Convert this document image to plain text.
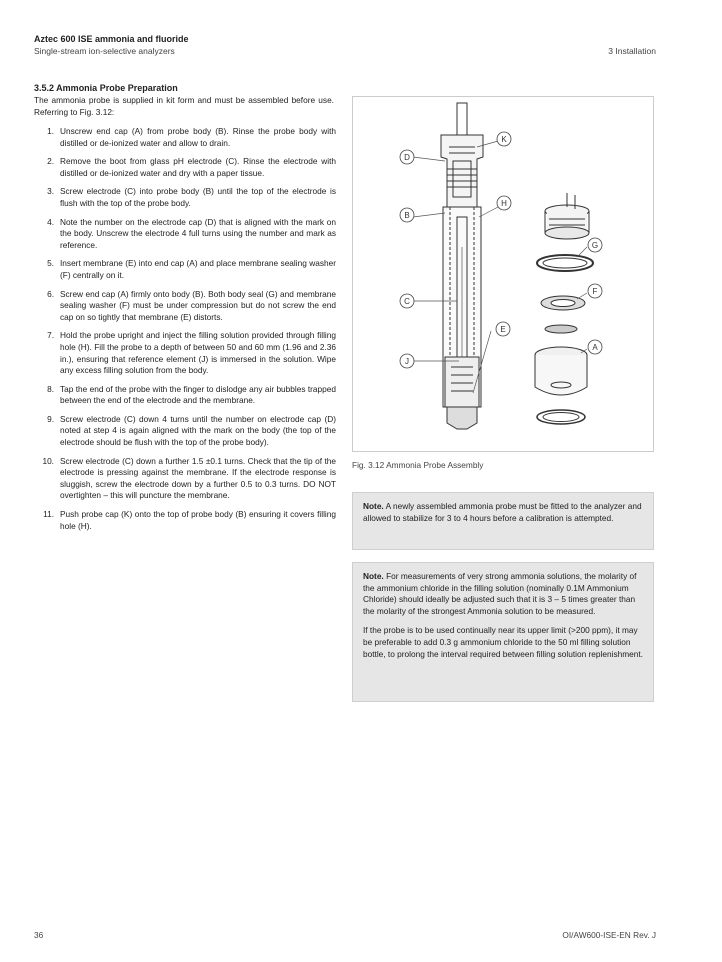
Aztec 600 ISE ammonia and fluoride
Single-stream ion-selective analyzers	3 Installation
3.5.2 Ammonia Probe Preparation
The ammonia probe is supplied in kit form and must be assembled before use. Referring to Fig. 3.12:
1. Unscrew end cap (A) from probe body (B). Rinse the probe body with distilled or de-ionized water and allow to drain.
2. Remove the boot from glass pH electrode (C). Rinse the electrode with distilled or de-ionized water and dry with a paper tissue.
3. Screw electrode (C) into probe body (B) until the top of the electrode is flush with the top of the probe body.
4. Note the number on the electrode cap (D) that is aligned with the mark on the body. Unscrew the electrode 4 full turns using the number and mark as reference.
5. Insert membrane (E) into end cap (A) and place membrane sealing washer (F) centrally on it.
6. Screw end cap (A) firmly onto body (B). Both body seal (G) and membrane sealing washer (F) must be under compression but do not screw the end cap on so tightly that membrane (E) distorts.
7. Hold the probe upright and inject the filling solution provided through filling hole (H). Fill the probe to a depth of between 50 and 60 mm (1.96 and 2.36 in.), ensuring that reference element (J) is immersed in the solution. Wipe any excess filling solution from the body.
8. Tap the end of the probe with the finger to dislodge any air bubbles trapped between the end of the electrode and the membrane.
9. Screw electrode (C) down 4 turns until the number on electrode cap (D) noted at step 4 is again aligned with the mark on the body (the top of the electrode should be flush with the top of the probe body).
10. Screw electrode (C) down a further 1.5 ±0.1 turns. Check that the tip of the electrode is pressing against the membrane. If the electrode response is sluggish, screw the electrode down by a further 0.5 to 0.3 turns. DO NOT overtighten – this will puncture the membrane.
11. Push probe cap (K) onto the top of probe body (B) ensuring it covers filling hole (H).
K
D
H
B
C
G
F
E
J
A
Fig. 3.12 Ammonia Probe Assembly
Note. A newly assembled ammonia probe must be fitted to the analyzer and allowed to stabilize for 3 to 4 hours before a calibration is attempted.

Note. For measurements of very strong ammonia solutions, the molarity of the ammonium chloride in the filling solution (nominally 0.1M Ammonium Chloride) should ideally be adjusted such that it is 3 – 5 times greater than the molarity of the strongest Ammonia solution to be measured.

If the probe is to be used continually near its upper limit (>200 ppm), it may be preferable to add 0.3 g ammonium chloride to the 50 ml filling solution bottle, to prolong the interval required between filling solution replenishment.

36	OI/AW600-ISE-EN Rev. J
